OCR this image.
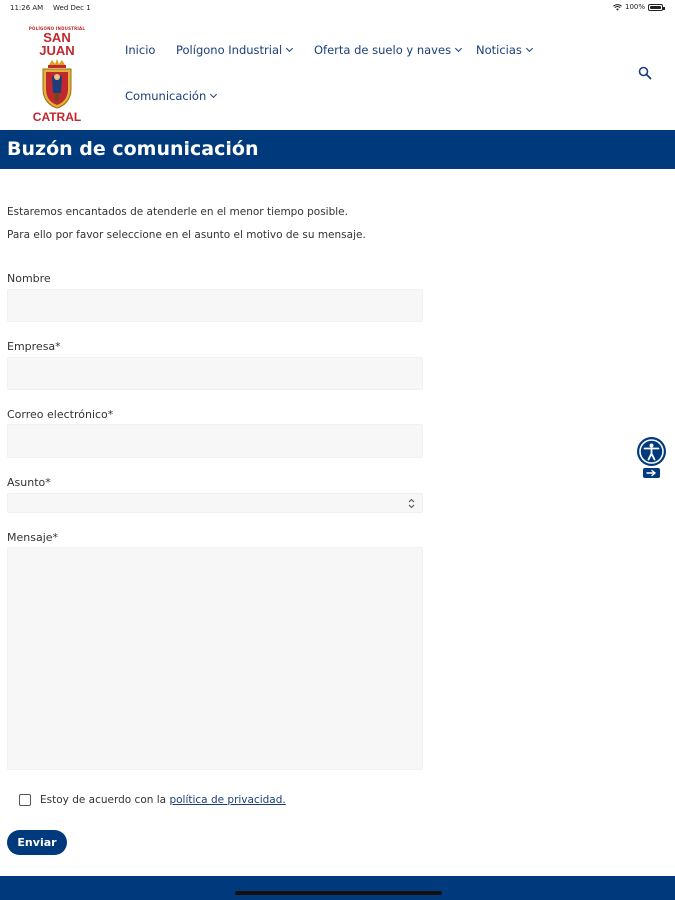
11:26 AM Wed Dec 1	100%
POLÍGONO INDUSTRIAL
SAN JUAN
CATRAL
Inicio Polígono Industrial	Oferta de suelo y naves Noticias
Comunicación
Buzón de comunicación
Estaremos encantados de atenderle en el menor tiempo posible.
Para ello por favor seleccione en el asunto el motivo de su mensaje.
Nombre
Empresa*
Correo electrónico*
Asunto*
Mensaje*
Estoy de acuerdo con la política de privacidad.
Enviar
